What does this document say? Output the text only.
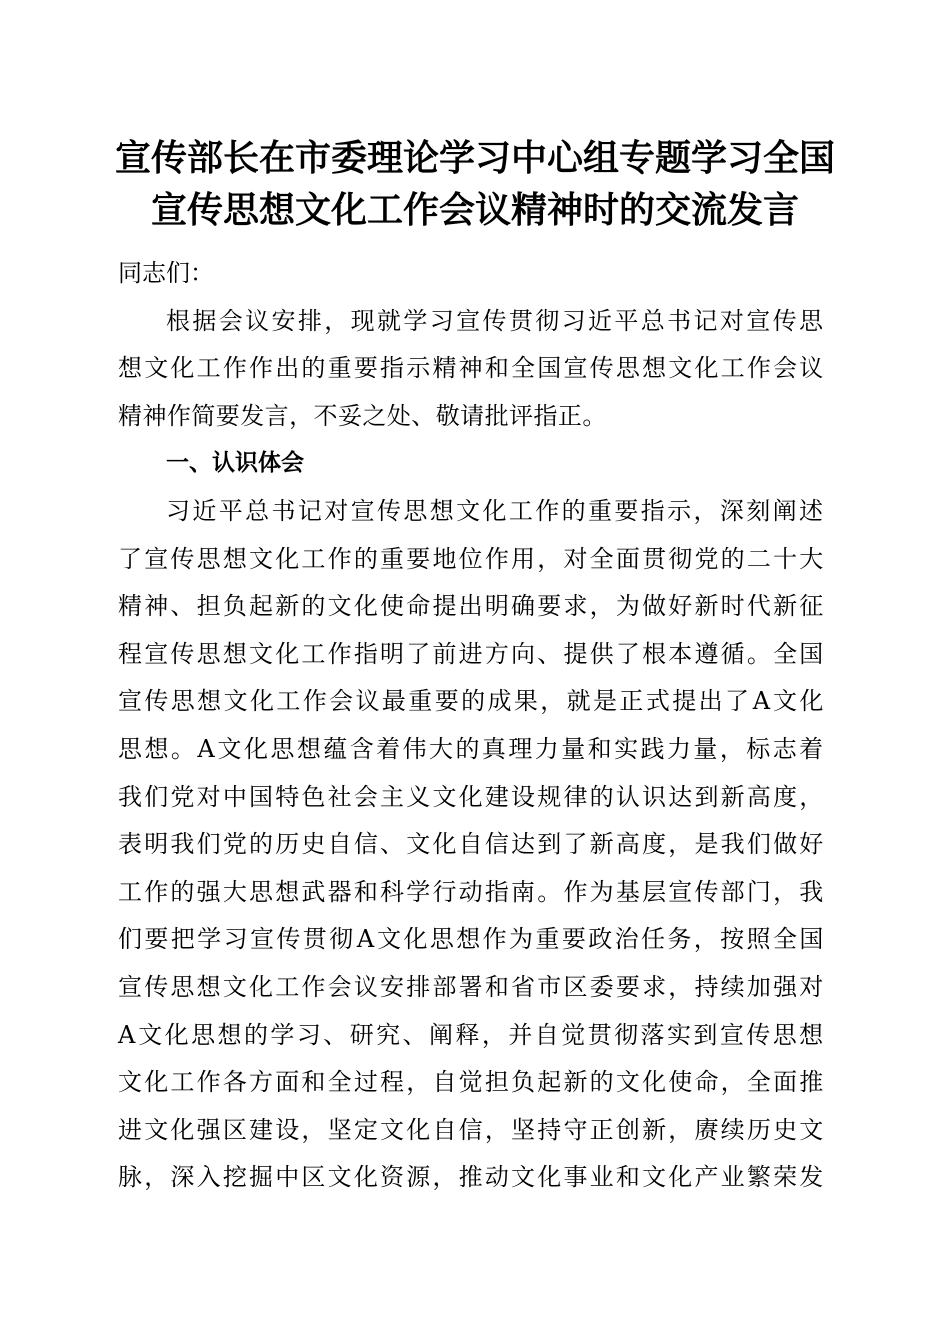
宣传部长在市委理论学习中心组专题学习全国
宣传思想文化工作会议精神时的交流发言

同志们：

根​ 据​ 会​ 议​ 安​ 排​ ，​ 现​ 就​ 学​ 习​ 宣​ 传​ 贯​ 彻​ 习​ 近​ 平​ 总​ 书​ 记​ 对​ 宣​ 传​ 思
想​ 文​ 化​ 工​ 作​ 作​ 出​ 的​ 重​ 要​ 指​ 示​ 精​ 神​ 和​ 全​ 国​ 宣​ 传​ 思​ 想​ 文​ 化​ 工​ 作​ 会​ 议
精​ 神​ 作​ 简​ 要​ 发​ 言​ ，​ 不​ 妥​ 之​ 处​ 、​ 敬​ 请​ 批​ 评​ 指​ 正​ 。

一、认识体会

习​ 近​ 平​ 总​ 书​ 记​ 对​ 宣​ 传​ 思​ 想​ 文​ 化​ 工​ 作​ 的​ 重​ 要​ 指​ 示​ ，​ 深​ 刻​ 阐​ 述
了​ 宣​ 传​ 思​ 想​ 文​ 化​ 工​ 作​ 的​ 重​ 要​ 地​ 位​ 作​ 用​ ，​ 对​ 全​ 面​ 贯​ 彻​ 党​ 的​ 二​ 十​ 大
精​ 神​ 、​ 担​ 负​ 起​ 新​ 的​ 文​ 化​ 使​ 命​ 提​ 出​ 明​ 确​ 要​ 求​ ，​ 为​ 做​ 好​ 新​ 时​ 代​ 新​ 征
程​ 宣​ 传​ 思​ 想​ 文​ 化​ 工​ 作​ 指​ 明​ 了​ 前​ 进​ 方​ 向​ 、​ 提​ 供​ 了​ 根​ 本​ 遵​ 循​ 。​ 全​ 国
宣​ 传​ 思​ 想​ 文​ 化​ 工​ 作​ 会​ 议​ 最​ 重​ 要​ 的​ 成​ 果​ ，​ 就​ 是​ 正​ 式​ 提​ 出​ 了​ ​ A​ ​ 文​ 化
思​ 想​ 。​ A​ ​ 文​ 化​ 思​ 想​ 蕴​ 含​ 着​ 伟​ 大​ 的​ 真​ 理​ 力​ 量​ 和​ 实​ 践​ 力​ 量​ ，​ 标​ 志​ 着
我​ 们​ 党​ 对​ 中​ 国​ 特​ 色​ 社​ 会​ 主​ 义​ 文​ 化​ 建​ 设​ 规​ 律​ 的​ 认​ 识​ 达​ 到​ 新​ 高​ 度​ ，
表​ 明​ 我​ 们​ 党​ 的​ 历​ 史​ 自​ 信​ 、​ 文​ 化​ 自​ 信​ 达​ 到​ 了​ 新​ 高​ 度​ ，​ 是​ 我​ 们​ 做​ 好
工​ 作​ 的​ 强​ 大​ 思​ 想​ 武​ 器​ 和​ 科​ 学​ 行​ 动​ 指​ 南​ 。​ 作​ 为​ 基​ 层​ 宣​ 传​ 部​ 门​ ，​ 我
们​ 要​ 把​ 学​ 习​ 宣​ 传​ 贯​ 彻​ ​ A​ ​ 文​ 化​ 思​ 想​ 作​ 为​ 重​ 要​ 政​ 治​ 任​ 务​ ，​ 按​ 照​ 全​ 国
宣​ 传​ 思​ 想​ 文​ 化​ 工​ 作​ 会​ 议​ 安​ 排​ 部​ 署​ 和​ 省​ 市​ 区​ 委​ 要​ 求​ ，​ 持​ 续​ 加​ 强​ 对
A​ ​ 文​ 化​ 思​ 想​ 的​ 学​ 习​ 、​ 研​ 究​ 、​ 阐​ 释​ ，​ 并​ 自​ 觉​ 贯​ 彻​ 落​ 实​ 到​ 宣​ 传​ 思​ 想
文​ 化​ 工​ 作​ 各​ 方​ 面​ 和​ 全​ 过​ 程​ ，​ 自​ 觉​ 担​ 负​ 起​ 新​ 的​ 文​ 化​ 使​ 命​ ，​ 全​ 面​ 推
进​ 文​ 化​ 强​ 区​ 建​ 设​ ，​ 坚​ 定​ 文​ 化​ 自​ 信​ ，​ 坚​ 持​ 守​ 正​ 创​ 新​ ，​ 赓​ 续​ 历​ 史​ 文
脉​ ，​ 深​ 入​ 挖​ 掘​ 中​ 区​ 文​ 化​ 资​ 源​ ，​ 推​ 动​ 文​ 化​ 事​ 业​ 和​ 文​ 化​ 产​ 业​ 繁​ 荣​ 发
